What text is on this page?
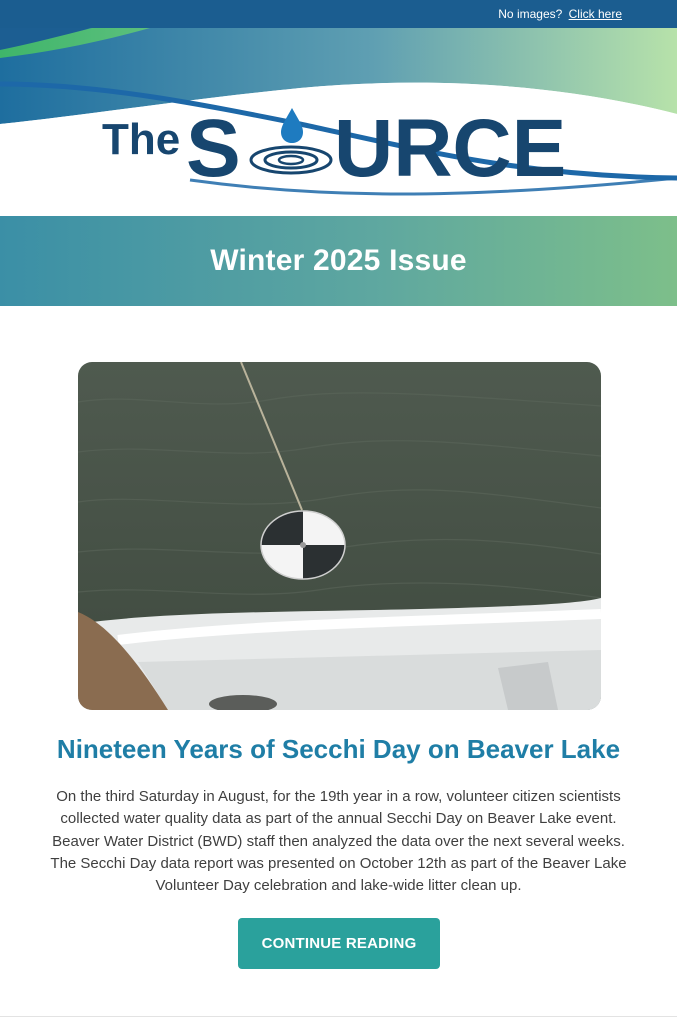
No images? Click here
The S URCE
Winter 2025 Issue
Nineteen Years of Secchi Day on Beaver Lake

On the third Saturday in August, for the 19th year in a row, volunteer citizen scientists
collected water quality data as part of the annual Secchi Day on Beaver Lake event.
Beaver Water District (BWD) staff then analyzed the data over the next several weeks.
The Secchi Day data report was presented on October 12th as part of the Beaver Lake
Volunteer Day celebration and lake-wide litter clean up.

CONTINUE READING
